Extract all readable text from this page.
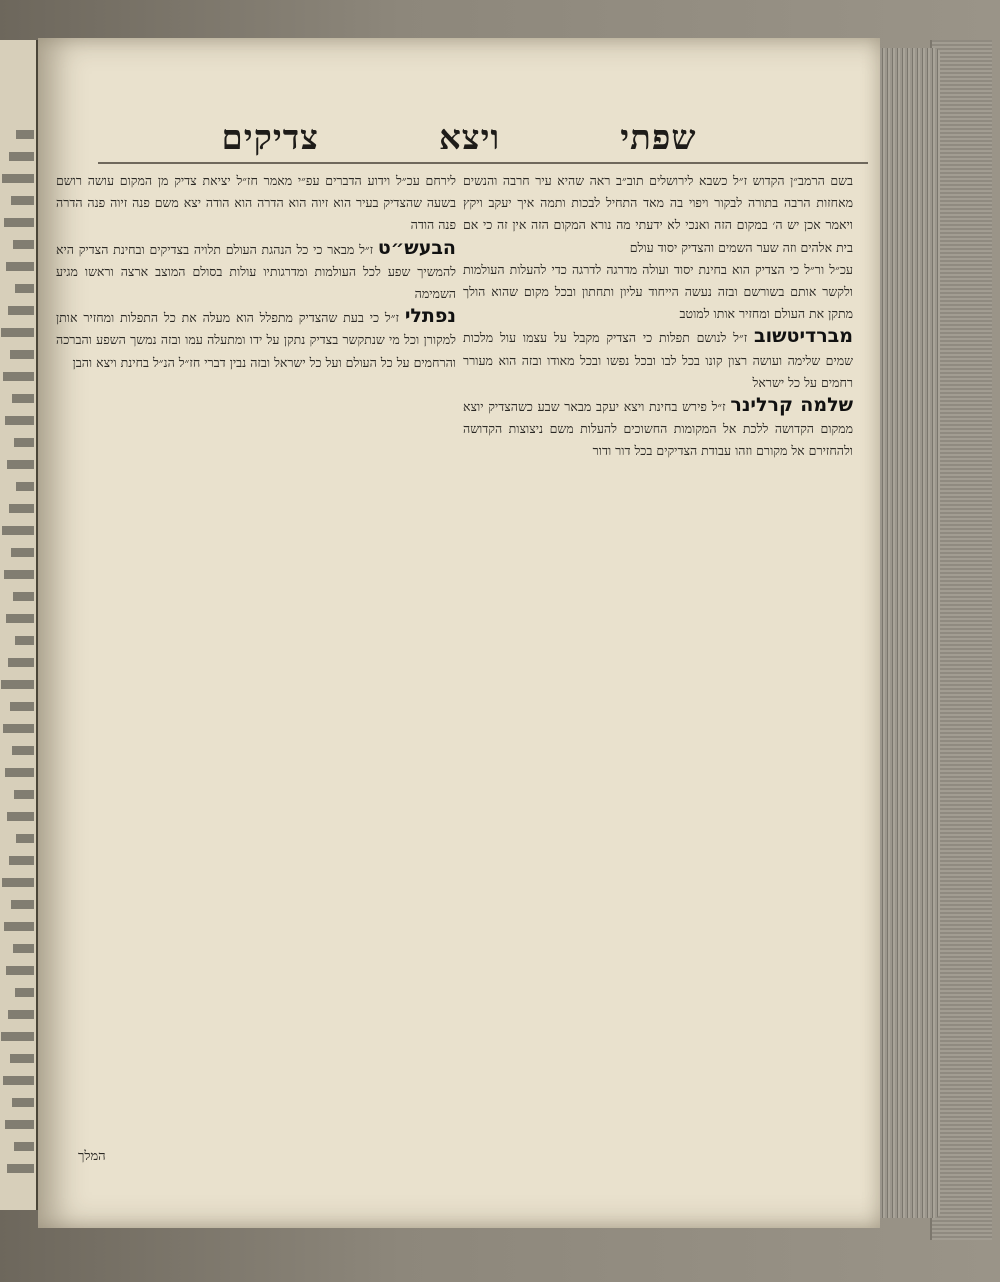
שפתי
ויצא
צדיקים

בשם הרמב״ן הקדוש ז״ל כשבא לירושלים תוב״ב ראה שהיא עיר חרבה והנשים מאחזות הרבה בתורה לבקור ויפוי בה מאד התחיל לבכות ותמה איך יעקב ויקץ ויאמר אכן יש ה׳ במקום הזה ואנכי לא ידעתי מה נורא המקום הזה אין זה כי אם בית אלהים וזה שער השמים והצדיק יסוד עולם

עכ״ל ור״ל כי הצדיק הוא בחינת יסוד ועולה מדרגה לדרגה כדי להעלות העולמות ולקשר אותם בשורשם ובזה נעשה הייחוד עליון ותחתון ובכל מקום שהוא הולך מתקן את העולם ומחזיר אותו למוטב

מברדיטשוב ז״ל לנושם תפלות כי הצדיק מקבל על עצמו עול מלכות שמים שלימה ועושה רצון קונו בכל לבו ובכל נפשו ובכל מאודו ובזה הוא מעורר רחמים על כל ישראל

שלמה קרלינר ז״ל פירש בחינת ויצא יעקב מבאר שבע כשהצדיק יוצא ממקום הקדושה ללכת אל המקומות החשוכים להעלות משם ניצוצות הקדושה ולהחזירם אל מקורם וזהו עבודת הצדיקים בכל דור ודור

לירחם עכ״ל וידוע הדברים עפ״י מאמר חז״ל יציאת צדיק מן המקום עושה רושם בשעה שהצדיק בעיר הוא זיוה הוא הדרה הוא הודה יצא משם פנה זיוה פנה הדרה פנה הודה

הבעש״ט ז״ל מבאר כי כל הנהגת העולם תלויה בצדיקים ובחינת הצדיק היא להמשיך שפע לכל העולמות ומדרגותיו עולות בסולם המוצב ארצה וראשו מגיע השמימה

נפתלי ז״ל כי בעת שהצדיק מתפלל הוא מעלה את כל התפלות ומחזיר אותן למקורן וכל מי שנתקשר בצדיק נתקן על ידו ומתעלה עמו ובזה נמשך השפע והברכה והרחמים על כל העולם ועל כל ישראל ובזה נבין דברי חז״ל הנ״ל בחינת ויצא והבן

המלך
